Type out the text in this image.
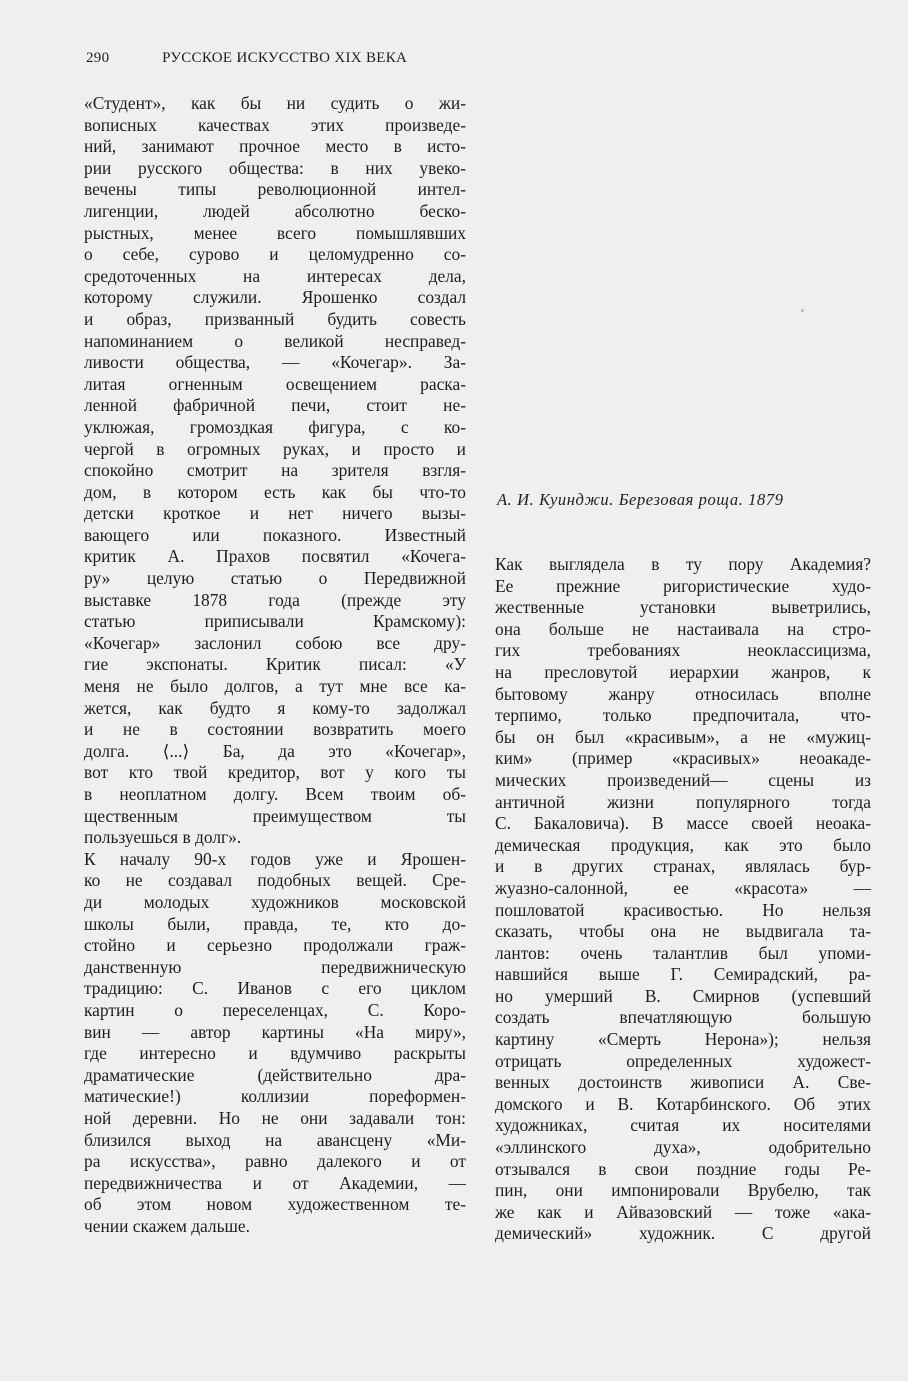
290	РУССКОЕ ИСКУССТВО XIX ВЕКА
«Студент», как бы ни судить о жи-
вописных качествах этих произведе-
ний, занимают прочное место в исто-
рии русского общества: в них увеко-
вечены типы революционной интел-
лигенции, людей абсолютно беско-
рыстных, менее всего помышлявших
о себе, сурово и целомудренно со-
средоточенных на интересах дела,
которому служили. Ярошенко создал
и образ, призванный будить совесть
напоминанием о великой несправед-
ливости общества, — «Кочегар». За-
литая огненным освещением раска-
ленной фабричной печи, стоит не-
уклюжая, громоздкая фигура, с ко-
чергой в огромных руках, и просто и
спокойно смотрит на зрителя взгля-
дом, в котором есть как бы что-то
детски кроткое и нет ничего вызы-
вающего или показного. Известный
критик А. Прахов посвятил «Кочега-
ру» целую статью о Передвижной
выставке 1878 года (прежде эту
статью приписывали Крамскому):
«Кочегар» заслонил собою все дру-
гие экспонаты. Критик писал: «У
меня не было долгов, а тут мне все ка-
жется, как будто я кому-то задолжал
и не в состоянии возвратить моего
долга. ⟨...⟩ Ба, да это «Кочегар»,
вот кто твой кредитор, вот у кого ты
в неоплатном долгу. Всем твоим об-
щественным преимуществом ты
пользуешься в долг».
К началу 90-х годов уже и Ярошен-
ко не создавал подобных вещей. Сре-
ди молодых художников московской
школы были, правда, те, кто до-
стойно и серьезно продолжали граж-
данственную передвижническую
традицию: С. Иванов с его циклом
картин о переселенцах, С. Коро-
вин — автор картины «На миру»,
где интересно и вдумчиво раскрыты
драматические (действительно дра-
матические!) коллизии пореформен-
ной деревни. Но не они задавали тон:
близился выход на авансцену «Ми-
ра искусства», равно далекого и от
передвижничества и от Академии, —
об этом новом художественном те-
чении скажем дальше.
А. И. Куинджи. Березовая роща. 1879
Как выглядела в ту пору Академия?
Ее прежние ригористические худо-
жественные установки выветрились,
она больше не настаивала на стро-
гих требованиях неоклассицизма,
на пресловутой иерархии жанров, к
бытовому жанру относилась вполне
терпимо, только предпочитала, что-
бы он был «красивым», а не «мужиц-
ким» (пример «красивых» неоакаде-
мических произведений— сцены из
античной жизни популярного тогда
С. Бакаловича). В массе своей неоака-
демическая продукция, как это было
и в других странах, являлась бур-
жуазно-салонной, ее «красота» —
пошловатой красивостью. Но нельзя
сказать, чтобы она не выдвигала та-
лантов: очень талантлив был упоми-
навшийся выше Г. Семирадский, ра-
но умерший В. Смирнов (успевший
создать впечатляющую большую
картину «Смерть Нерона»); нельзя
отрицать определенных художест-
венных достоинств живописи А. Све-
домского и В. Котарбинского. Об этих
художниках, считая их носителями
«эллинского духа», одобрительно
отзывался в свои поздние годы Ре-
пин, они импонировали Врубелю, так
же как и Айвазовский — тоже «ака-
демический» художник. С другой
